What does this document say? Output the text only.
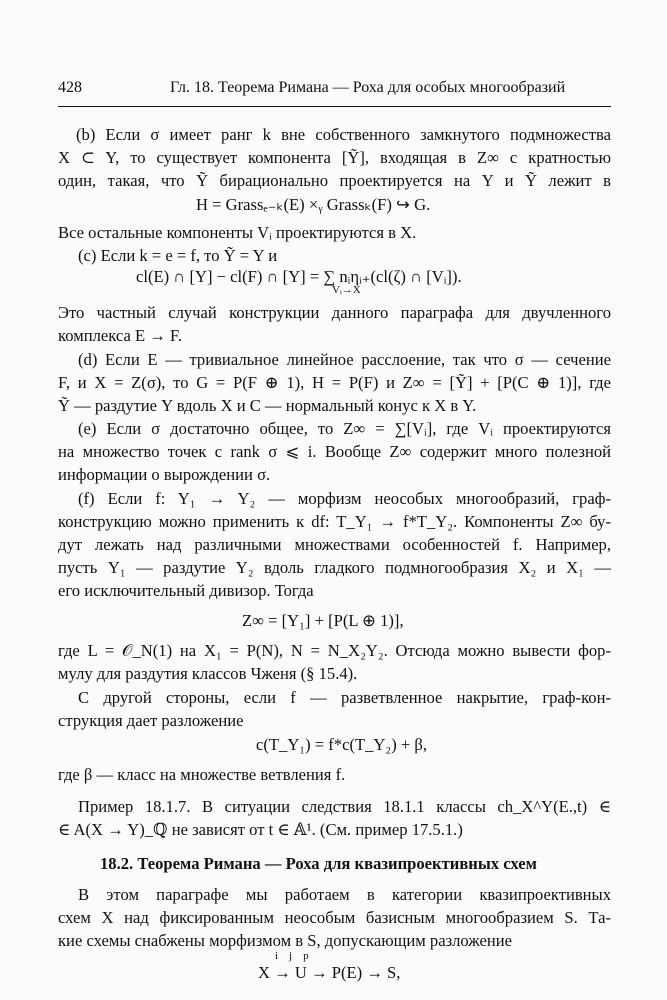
428	Гл. 18. Теорема Римана — Роха для особых многообразий
(b) Если σ имеет ранг k вне собственного замкнутого подмножества
X ⊂ Y, то существует компонента [Ỹ], входящая в Z∞ с кратностью
один, такая, что Ỹ бирационально проектируется на Y и Ỹ лежит в
H = Grassₑ₋ₖ(E) ×ᵧ Grassₖ(F) ↪ G.
Все остальные компоненты Vᵢ проектируются в X.
(c) Если k = e = f, то Ỹ = Y и
cl(E) ∩ [Y] − cl(F) ∩ [Y] = ∑ nᵢηᵢ₊(cl(ζ) ∩ [Vᵢ]).
Vᵢ→X
Это частный случай конструкции данного параграфа для двучленного
комплекса E → F.
(d) Если E — тривиальное линейное расслоение, так что σ — сечение
F, и X = Z(σ), то G = P(F ⊕ 1), H = P(F) и Z∞ = [Ỹ] + [P(C ⊕ 1)], где
Ỹ — раздутие Y вдоль X и C — нормальный конус к X в Y.
(e) Если σ достаточно общее, то Z∞ = ∑[Vᵢ], где Vᵢ проектируются
на множество точек с rank σ ⩽ i. Вообще Z∞ содержит много полезной
информации о вырождении σ.
(f) Если f: Y₁ → Y₂ — морфизм неособых многообразий, граф-
конструкцию можно применить к df: T_Y₁ → f*T_Y₂. Компоненты Z∞ бу-
дут лежать над различными множествами особенностей f. Например,
пусть Y₁ — раздутие Y₂ вдоль гладкого подмногообразия X₂ и X₁ —
его исключительный дивизор. Тогда
Z∞ = [Y₁] + [P(L ⊕ 1)],
где L = 𝒪_N(1) на X₁ = P(N), N = N_X₂Y₂. Отсюда можно вывести фор-
мулу для раздутия классов Чженя (§ 15.4).
С другой стороны, если f — разветвленное накрытие, граф-кон-
струкция дает разложение
c(T_Y₁) = f*c(T_Y₂) + β,
где β — класс на множестве ветвления f.
Пример 18.1.7. В ситуации следствия 18.1.1 классы ch_X^Y(E.,t) ∈
∈ A(X → Y)_ℚ не зависят от t ∈ 𝔸¹. (См. пример 17.5.1.)
18.2. Теорема Римана — Роха для квазипроективных схем
В этом параграфе мы работаем в категории квазипроективных
схем X над фиксированным неособым базисным многообразием S. Та-
кие схемы снабжены морфизмом в S, допускающим разложение
i    j    p
X → U → P(E) → S,
